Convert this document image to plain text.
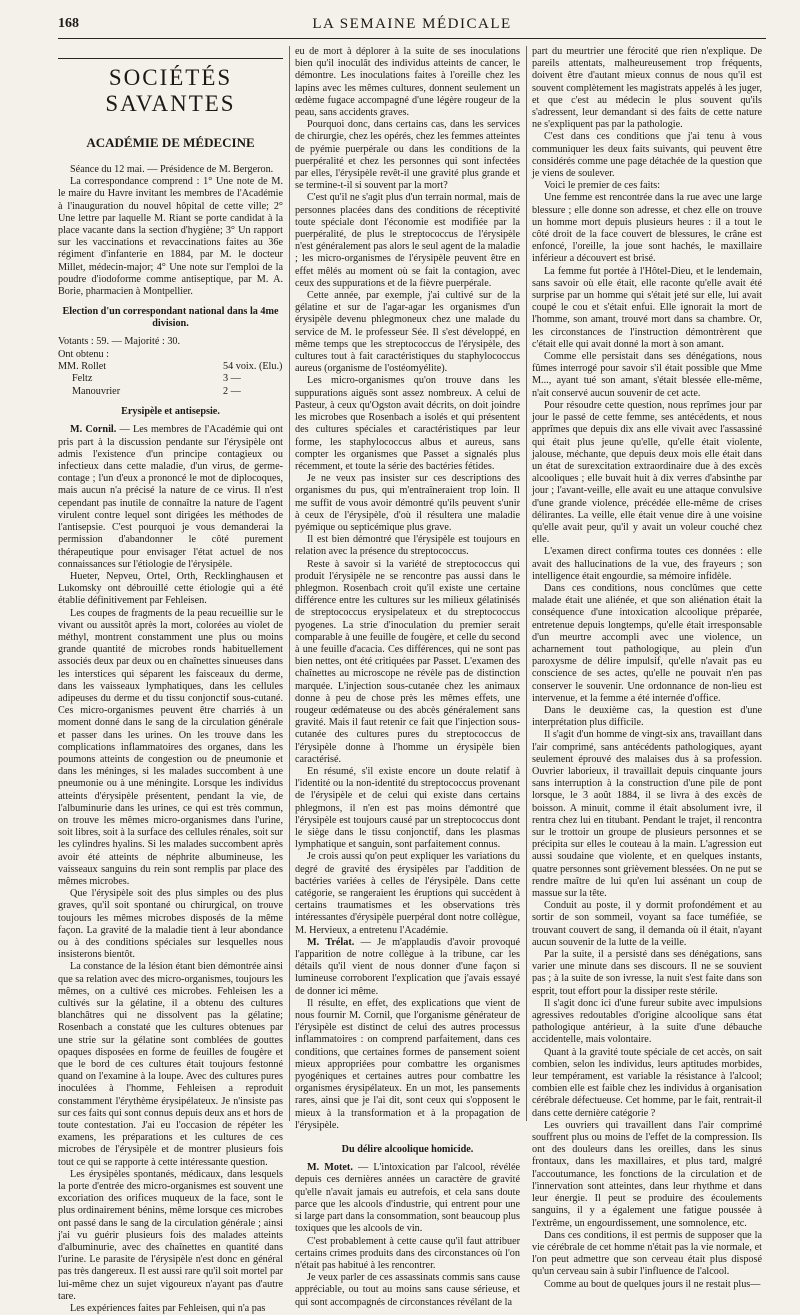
168	LA SEMAINE MÉDICALE
SOCIÉTÉS SAVANTES
ACADÉMIE DE MÉDECINE

Séance du 12 mai. — Présidence de M. Bergeron.

La correspondance comprend : 1° Une note de M. le maire du Havre invitant les membres de l'Académie à l'inauguration du nouvel hôpital de cette ville; 2° Une lettre par laquelle M. Riant se porte candidat à la place vacante dans la section d'hygiène; 3° Un rapport sur les vaccinations et revaccinations faites au 36e régiment d'infanterie en 1884, par M. le docteur Millet, médecin-major; 4° Une note sur l'emploi de la poudre d'iodoforme comme antiseptique, par M. A. Borie, pharmacien à Montpellier.

Election d'un correspondant national dans la 4me division.
Votants : 59. — Majorité : 30.
Ont obtenu :
MM. Rollet	54 voix. (Elu.)
Feltz	3 —
Manouvrier	2 —
Erysipèle et antisepsie.

M. Cornil. — Les membres de l'Académie qui ont pris part à la discussion pendante sur l'érysipèle ont admis l'existence d'un principe contagieux ou infectieux dans cette maladie, d'un virus, de germe-contage ; l'un d'eux a prononcé le mot de diplocoques, mais aucun n'a précisé la nature de ce virus. Il n'est cependant pas inutile de connaître la nature de l'agent virulent contre lequel sont dirigées les méthodes de l'antisepsie. C'est pourquoi je vous demanderai la permission d'abandonner le côté purement thérapeutique pour envisager l'état actuel de nos connaissances sur l'étiologie de l'érysipèle.

Hueter, Nepveu, Ortel, Orth, Recklinghausen et Lukomsky ont débrouillé cette étiologie qui a été établie définitivement par Fehleisen.

Les coupes de fragments de la peau recueillie sur le vivant ou aussitôt après la mort, colorées au violet de méthyl, montrent constamment une plus ou moins grande quantité de microbes ronds habituellement associés deux par deux ou en chaînettes sinueuses dans les interstices qui séparent les faisceaux du derme, dans les vaisseaux lymphatiques, dans les cellules adipeuses du derme et du tissu conjonctif sous-cutané. Ces micro-organismes peuvent être charriés à un moment donné dans le sang de la circulation générale et passer dans les urines. On les trouve dans les complications inflammatoires des organes, dans les poumons atteints de congestion ou de pneumonie et dans les méninges, si les malades succombent à une pneumonie ou à une méningite. Lorsque les individus atteints d'érysipèle présentent, pendant la vie, de l'albuminurie dans les urines, ce qui est très commun, on trouve les mêmes micro-organismes dans l'urine, soit libres, soit à la surface des cellules rénales, soit sur les cylindres hyalins. Si les malades succombent après avoir été atteints de néphrite albumineuse, les vaisseaux sanguins du rein sont remplis par place des mêmes microbes.

Que l'érysipèle soit des plus simples ou des plus graves, qu'il soit spontané ou chirurgical, on trouve toujours les mêmes microbes disposés de la même façon. La gravité de la maladie tient à leur abondance ou à des conditions spéciales sur lesquelles nous insisterons bientôt.

La constance de la lésion étant bien démontrée ainsi que sa relation avec des micro-organismes, toujours les mêmes, on a cultivé ces microbes. Fehleisen les a cultivés sur la gélatine, il a obtenu des cultures blanchâtres qui ne dissolvent pas la gélatine; Rosenbach a constaté que les cultures obtenues par une strie sur la gélatine sont comblées de gouttes opaques disposées en forme de feuilles de fougère et que le bord de ces cultures était toujours festonné quand on l'examine à la loupe. Avec des cultures pures inoculées à l'homme, Fehleisen a reproduit constamment l'érythème érysipélateux. Je n'insiste pas sur ces faits qui sont connus depuis deux ans et hors de toute contestation. J'ai eu l'occasion de répéter les examens, les préparations et les cultures de ces microbes de l'érysipèle et de montrer plusieurs fois tout ce qui se rapporte à cette intéressante question.

Les érysipèles spontanés, médicaux, dans lesquels la porte d'entrée des micro-organismes est souvent une excoriation des orifices muqueux de la face, sont le plus ordinairement bénins, même lorsque ces microbes ont passé dans le sang de la circulation générale ; ainsi j'ai vu guérir plusieurs fois des malades atteints d'albuminurie, avec des chaînettes en quantité dans l'urine. Le parasite de l'érysipèle n'est donc en général pas très dangereux. Il est aussi rare qu'il soit mortel par lui-même chez un sujet vigoureux n'ayant pas d'autre tare.

Les expériences faites par Fehleisen, qui n'a pas

eu de mort à déplorer à la suite de ses inoculations bien qu'il inoculât des individus atteints de cancer, le démontre. Les inoculations faites à l'oreille chez les lapins avec les mêmes cultures, donnent seulement un œdème fugace accompagné d'une légère rougeur de la peau, sans accidents graves.

Pourquoi donc, dans certains cas, dans les services de chirurgie, chez les opérés, chez les femmes atteintes de pyémie puerpérale ou dans les conditions de la puerpéralité et chez les personnes qui sont infectées par elles, l'érysipèle revêt-il une gravité plus grande et se termine-t-il si souvent par la mort?

C'est qu'il ne s'agit plus d'un terrain normal, mais de personnes placées dans des conditions de réceptivité toute spéciale dont l'économie est modifiée par la puerpéralité, de plus le streptococcus de l'érysipèle n'est généralement pas alors le seul agent de la maladie ; les micro-organismes de l'érysipèle peuvent être en effet mêlés au moment où se fait la contagion, avec ceux des suppurations et de la fièvre puerpérale.

Cette année, par exemple, j'ai cultivé sur de la gélatine et sur de l'agar-agar les organismes d'un érysipèle devenu phlegmoneux chez une malade du service de M. le professeur Sée. Il s'est développé, en même temps que les streptococcus de l'érysipèle, des cultures tout à fait caractéristiques du staphylococcus aureus (organisme de l'ostéomyélite).

Les micro-organismes qu'on trouve dans les suppurations aiguës sont assez nombreux. A celui de Pasteur, à ceux qu'Ogston avait décrits, on doit joindre les microbes que Rosenbach a isolés et qui présentent des cultures spéciales et caractéristiques par leur forme, les staphylococcus albus et aureus, sans compter les organismes que Passet a signalés plus récemment, et toute la série des bactéries fétides.

Je ne veux pas insister sur ces descriptions des organismes du pus, qui m'entraîneraient trop loin. Il me suffit de vous avoir démontré qu'ils peuvent s'unir à ceux de l'érysipèle, d'où il résultera une maladie pyémique ou septicémique plus grave.

Il est bien démontré que l'érysipèle est toujours en relation avec la présence du streptococcus.

Reste à savoir si la variété de streptococcus qui produit l'érysipèle ne se rencontre pas aussi dans le phlegmon. Rosenbach croit qu'il existe une certaine différence entre les cultures sur les milieux gélatinisés de streptococcus erysipelateux et du streptococcus pyogenes. La strie d'inoculation du premier serait comparable à une feuille de fougère, et celle du second à une feuille d'acacia. Ces différences, qui ne sont pas bien nettes, ont été critiquées par Passet. L'examen des chaînettes au microscope ne révèle pas de distinction marquée. L'injection sous-cutanée chez les animaux donne à peu de chose près les mêmes effets, une rougeur œdémateuse ou des abcès généralement sans gravité. Mais il faut retenir ce fait que l'injection sous-cutanée des cultures pures du streptococcus de l'érysipèle donne à l'homme un érysipèle bien caractérisé.

En résumé, s'il existe encore un doute relatif à l'identité ou la non-identité du streptococcus provenant de l'érysipèle et de celui qui existe dans certains phlegmons, il n'en est pas moins démontré que l'érysipèle est toujours causé par un streptococcus dont le siège dans le tissu conjonctif, dans les plasmas lymphatique et sanguin, sont parfaitement connus.

Je crois aussi qu'on peut expliquer les variations du degré de gravité des érysipèles par l'addition de bactéries variées à celles de l'érysipèle. Dans cette catégorie, se rangeraient les éruptions qui succèdent à certains traumatismes et les observations très intéressantes d'érysipèle puerpéral dont notre collègue, M. Hervieux, a entretenu l'Académie.

M. Trélat. — Je m'applaudis d'avoir provoqué l'apparition de notre collègue à la tribune, car les détails qu'il vient de nous donner d'une façon si lumineuse corroborent l'explication que j'avais essayé de donner ici même.

Il résulte, en effet, des explications que vient de nous fournir M. Cornil, que l'organisme générateur de l'érysipèle est distinct de celui des autres processus inflammatoires : on comprend parfaitement, dans ces conditions, que certaines formes de pansement soient mieux appropriées pour combattre les organismes pyogéniques et certaines autres pour combattre les organismes érysipélateux. En un mot, les pansements rares, ainsi que je l'ai dit, sont ceux qui s'opposent le mieux à la transformation et à la propagation de l'érysipèle.

Du délire alcoolique homicide.

M. Motet. — L'intoxication par l'alcool, révélée depuis ces dernières années un caractère de gravité qu'elle n'avait jamais eu autrefois, et cela sans doute parce que les alcools d'industrie, qui entrent pour une si large part dans la consommation, sont beaucoup plus toxiques que les alcools de vin.

C'est probablement à cette cause qu'il faut attribuer certains crimes produits dans des circonstances où l'on n'était pas habitué à les rencontrer.

Je veux parler de ces assassinats commis sans cause appréciable, ou tout au moins sans cause sérieuse, et qui sont accompagnés de circonstances révélant de la

part du meurtrier une férocité que rien n'explique. De pareils attentats, malheureusement trop fréquents, doivent être d'autant mieux connus de nous qu'il est souvent complètement les magistrats appelés à les juger, et que c'est au médecin le plus souvent qu'ils s'adressent, leur demandant si des faits de cette nature ne s'expliquent pas par la pathologie.

C'est dans ces conditions que j'ai tenu à vous communiquer les deux faits suivants, qui peuvent être considérés comme une page détachée de la question que je viens de soulever.

Voici le premier de ces faits:

Une femme est rencontrée dans la rue avec une large blessure ; elle donne son adresse, et chez elle on trouve un homme mort depuis plusieurs heures : il a tout le côté droit de la face couvert de blessures, le crâne est enfoncé, l'oreille, la joue sont hachés, le maxillaire inférieur a découvert est brisé.

La femme fut portée à l'Hôtel-Dieu, et le lendemain, sans savoir où elle était, elle raconte qu'elle avait été surprise par un homme qui s'était jeté sur elle, lui avait coupé le cou et s'était enfui. Elle ignorait la mort de l'homme, son amant, trouvé mort dans sa chambre. Or, les circonstances de l'instruction démontrèrent que c'était elle qui avait donné la mort à son amant.

Comme elle persistait dans ses dénégations, nous fûmes interrogé pour savoir s'il était possible que Mme M..., ayant tué son amant, s'était blessée elle-même, n'ait conservé aucun souvenir de cet acte.

Pour résoudre cette question, nous reprîmes jour par jour le passé de cette femme, ses antécédents, et nous apprîmes que depuis dix ans elle vivait avec l'assassiné qui était plus jeune qu'elle, qu'elle était violente, jalouse, méchante, que depuis deux mois elle était dans un état de surexcitation extraordinaire due à des excès alcooliques ; elle buvait huit à dix verres d'absinthe par jour ; l'avant-veille, elle avait eu une attaque convulsive d'une grande violence, précédée elle-même de crises délirantes. La veille, elle était venue dire à une voisine qu'elle avait peur, qu'il y avait un voleur couché chez elle.

L'examen direct confirma toutes ces données : elle avait des hallucinations de la vue, des frayeurs ; son intelligence était engourdie, sa mémoire infidèle.

Dans ces conditions, nous conclûmes que cette malade était une aliénée, et que son aliénation était la conséquence d'une intoxication alcoolique préparée, entretenue depuis longtemps, qu'elle était irresponsable d'un meurtre accompli avec une violence, un acharnement tout pathologique, au plein d'un paroxysme de délire impulsif, qu'elle n'avait pas eu conscience de ses actes, qu'elle ne pouvait n'en pas conserver le souvenir. Une ordonnance de non-lieu est intervenue, et la femme a été internée d'office.

Dans le deuxième cas, la question est d'une interprétation plus difficile.

Il s'agit d'un homme de vingt-six ans, travaillant dans l'air comprimé, sans antécédents pathologiques, ayant seulement éprouvé des malaises dus à sa profession. Ouvrier laborieux, il travaillait depuis cinquante jours sans interruption à la construction d'une pile de pont lorsque, le 3 août 1884, il se livra à des excès de boisson. A minuit, comme il était absolument ivre, il rentra chez lui en titubant. Pendant le trajet, il rencontra sur le trottoir un groupe de plusieurs personnes et se précipita sur elles le couteau à la main. L'agression eut aussi soudaine que violente, et en quelques instants, quatre personnes sont grièvement blessées. On ne put se rendre maître de lui qu'en lui assénant un coup de massue sur la tête.

Conduit au poste, il y dormit profondément et au sortir de son sommeil, voyant sa face tuméfiée, se trouvant couvert de sang, il demanda où il était, n'ayant aucun souvenir de la lutte de la veille.

Par la suite, il a persisté dans ses dénégations, sans varier une minute dans ses discours. Il ne se souvient pas ; à la suite de son ivresse, la nuit s'est faite dans son esprit, tout effort pour la dissiper reste stérile.

Il s'agit donc ici d'une fureur subite avec impulsions agressives redoutables d'origine alcoolique sans état pathologique antérieur, à la suite d'une débauche accidentelle, mais volontaire.

Quant à la gravité toute spéciale de cet accès, on sait combien, selon les individus, leurs aptitudes morbides, leur tempérament, est variable la résistance à l'alcool; combien elle est faible chez les individus à organisation cérébrale défectueuse. Cet homme, par le fait, rentrait-il dans cette dernière catégorie ?

Les ouvriers qui travaillent dans l'air comprimé souffrent plus ou moins de l'effet de la compression. Ils ont des douleurs dans les oreilles, dans les sinus frontaux, dans les maxillaires, et plus tard, malgré l'accoutumance, les fonctions de la circulation et de l'innervation sont atteintes, dans leur rhythme et dans leur énergie. Il peut se produire des écoulements sanguins, il y a également une fatigue poussée à l'extrême, un engourdissement, une somnolence, etc.

Dans ces conditions, il est permis de supposer que la vie cérébrale de cet homme n'était pas la vie normale, et l'on peut admettre que son cerveau était plus disposé qu'un cerveau sain à subir l'influence de l'alcool.

Comme au bout de quelques jours il ne restait plus—
